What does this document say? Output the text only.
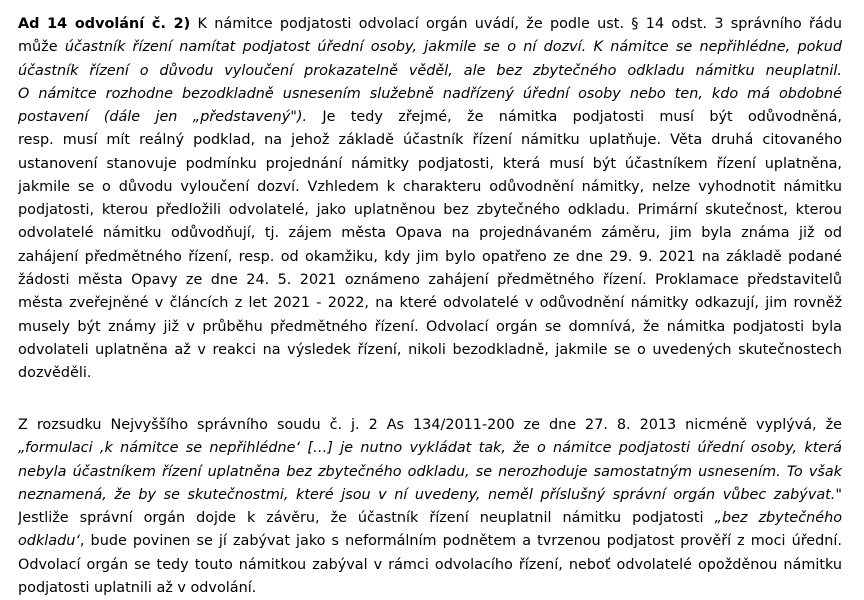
Ad 14 odvolání č. 2) K námitce podjatosti odvolací orgán uvádí, že podle ust. § 14 odst. 3 správního řádu
může účastník řízení namítat podjatost úřední osoby, jakmile se o ní dozví. K námitce se nepřihlédne, pokud
účastník řízení o důvodu vyloučení prokazatelně věděl, ale bez zbytečného odkladu námitku neuplatnil.
O námitce rozhodne bezodkladně usnesením služebně nadřízený úřední osoby nebo ten, kdo má obdobné
postavení (dále jen „představený"). Je tedy zřejmé, že námitka podjatosti musí být odůvodněná,
resp. musí mít reálný podklad, na jehož základě účastník řízení námitku uplatňuje. Věta druhá citovaného
ustanovení stanovuje podmínku projednání námitky podjatosti, která musí být účastníkem řízení uplatněna,
jakmile se o důvodu vyloučení dozví. Vzhledem k charakteru odůvodnění námitky, nelze vyhodnotit námitku
podjatosti, kterou předložili odvolatelé, jako uplatněnou bez zbytečného odkladu. Primární skutečnost, kterou
odvolatelé námitku odůvodňují, tj. zájem města Opava na projednávaném záměru, jim byla známa již od
zahájení předmětného řízení, resp. od okamžiku, kdy jim bylo opatřeno ze dne 29. 9. 2021 na základě podané
žádosti města Opavy ze dne 24. 5. 2021 oznámeno zahájení předmětného řízení. Proklamace představitelů
města zveřejněné v článcích z let 2021 - 2022, na které odvolatelé v odůvodnění námitky odkazují, jim rovněž
musely být známy již v průběhu předmětného řízení. Odvolací orgán se domnívá, že námitka podjatosti byla
odvolateli uplatněna až v reakci na výsledek řízení, nikoli bezodkladně, jakmile se o uvedených skutečnostech
dozvěděli.
Z rozsudku Nejvyššího správního soudu č. j. 2 As 134/2011-200 ze dne 27. 8. 2013 nicméně vyplývá, že
„formulaci ‚k námitce se nepřihlédne‘ […] je nutno vykládat tak, že o námitce podjatosti úřední osoby, která
nebyla účastníkem řízení uplatněna bez zbytečného odkladu, se nerozhoduje samostatným usnesením. To však
neznamená, že by se skutečnostmi, které jsou v ní uvedeny, neměl příslušný správní orgán vůbec zabývat."
Jestliže správní orgán dojde k závěru, že účastník řízení neuplatnil námitku podjatosti „bez zbytečného
odkladu‘, bude povinen se jí zabývat jako s neformálním podnětem a tvrzenou podjatost prověří z moci úřední.
Odvolací orgán se tedy touto námitkou zabýval v rámci odvolacího řízení, neboť odvolatelé opožděnou námitku
podjatosti uplatnili až v odvolání.
